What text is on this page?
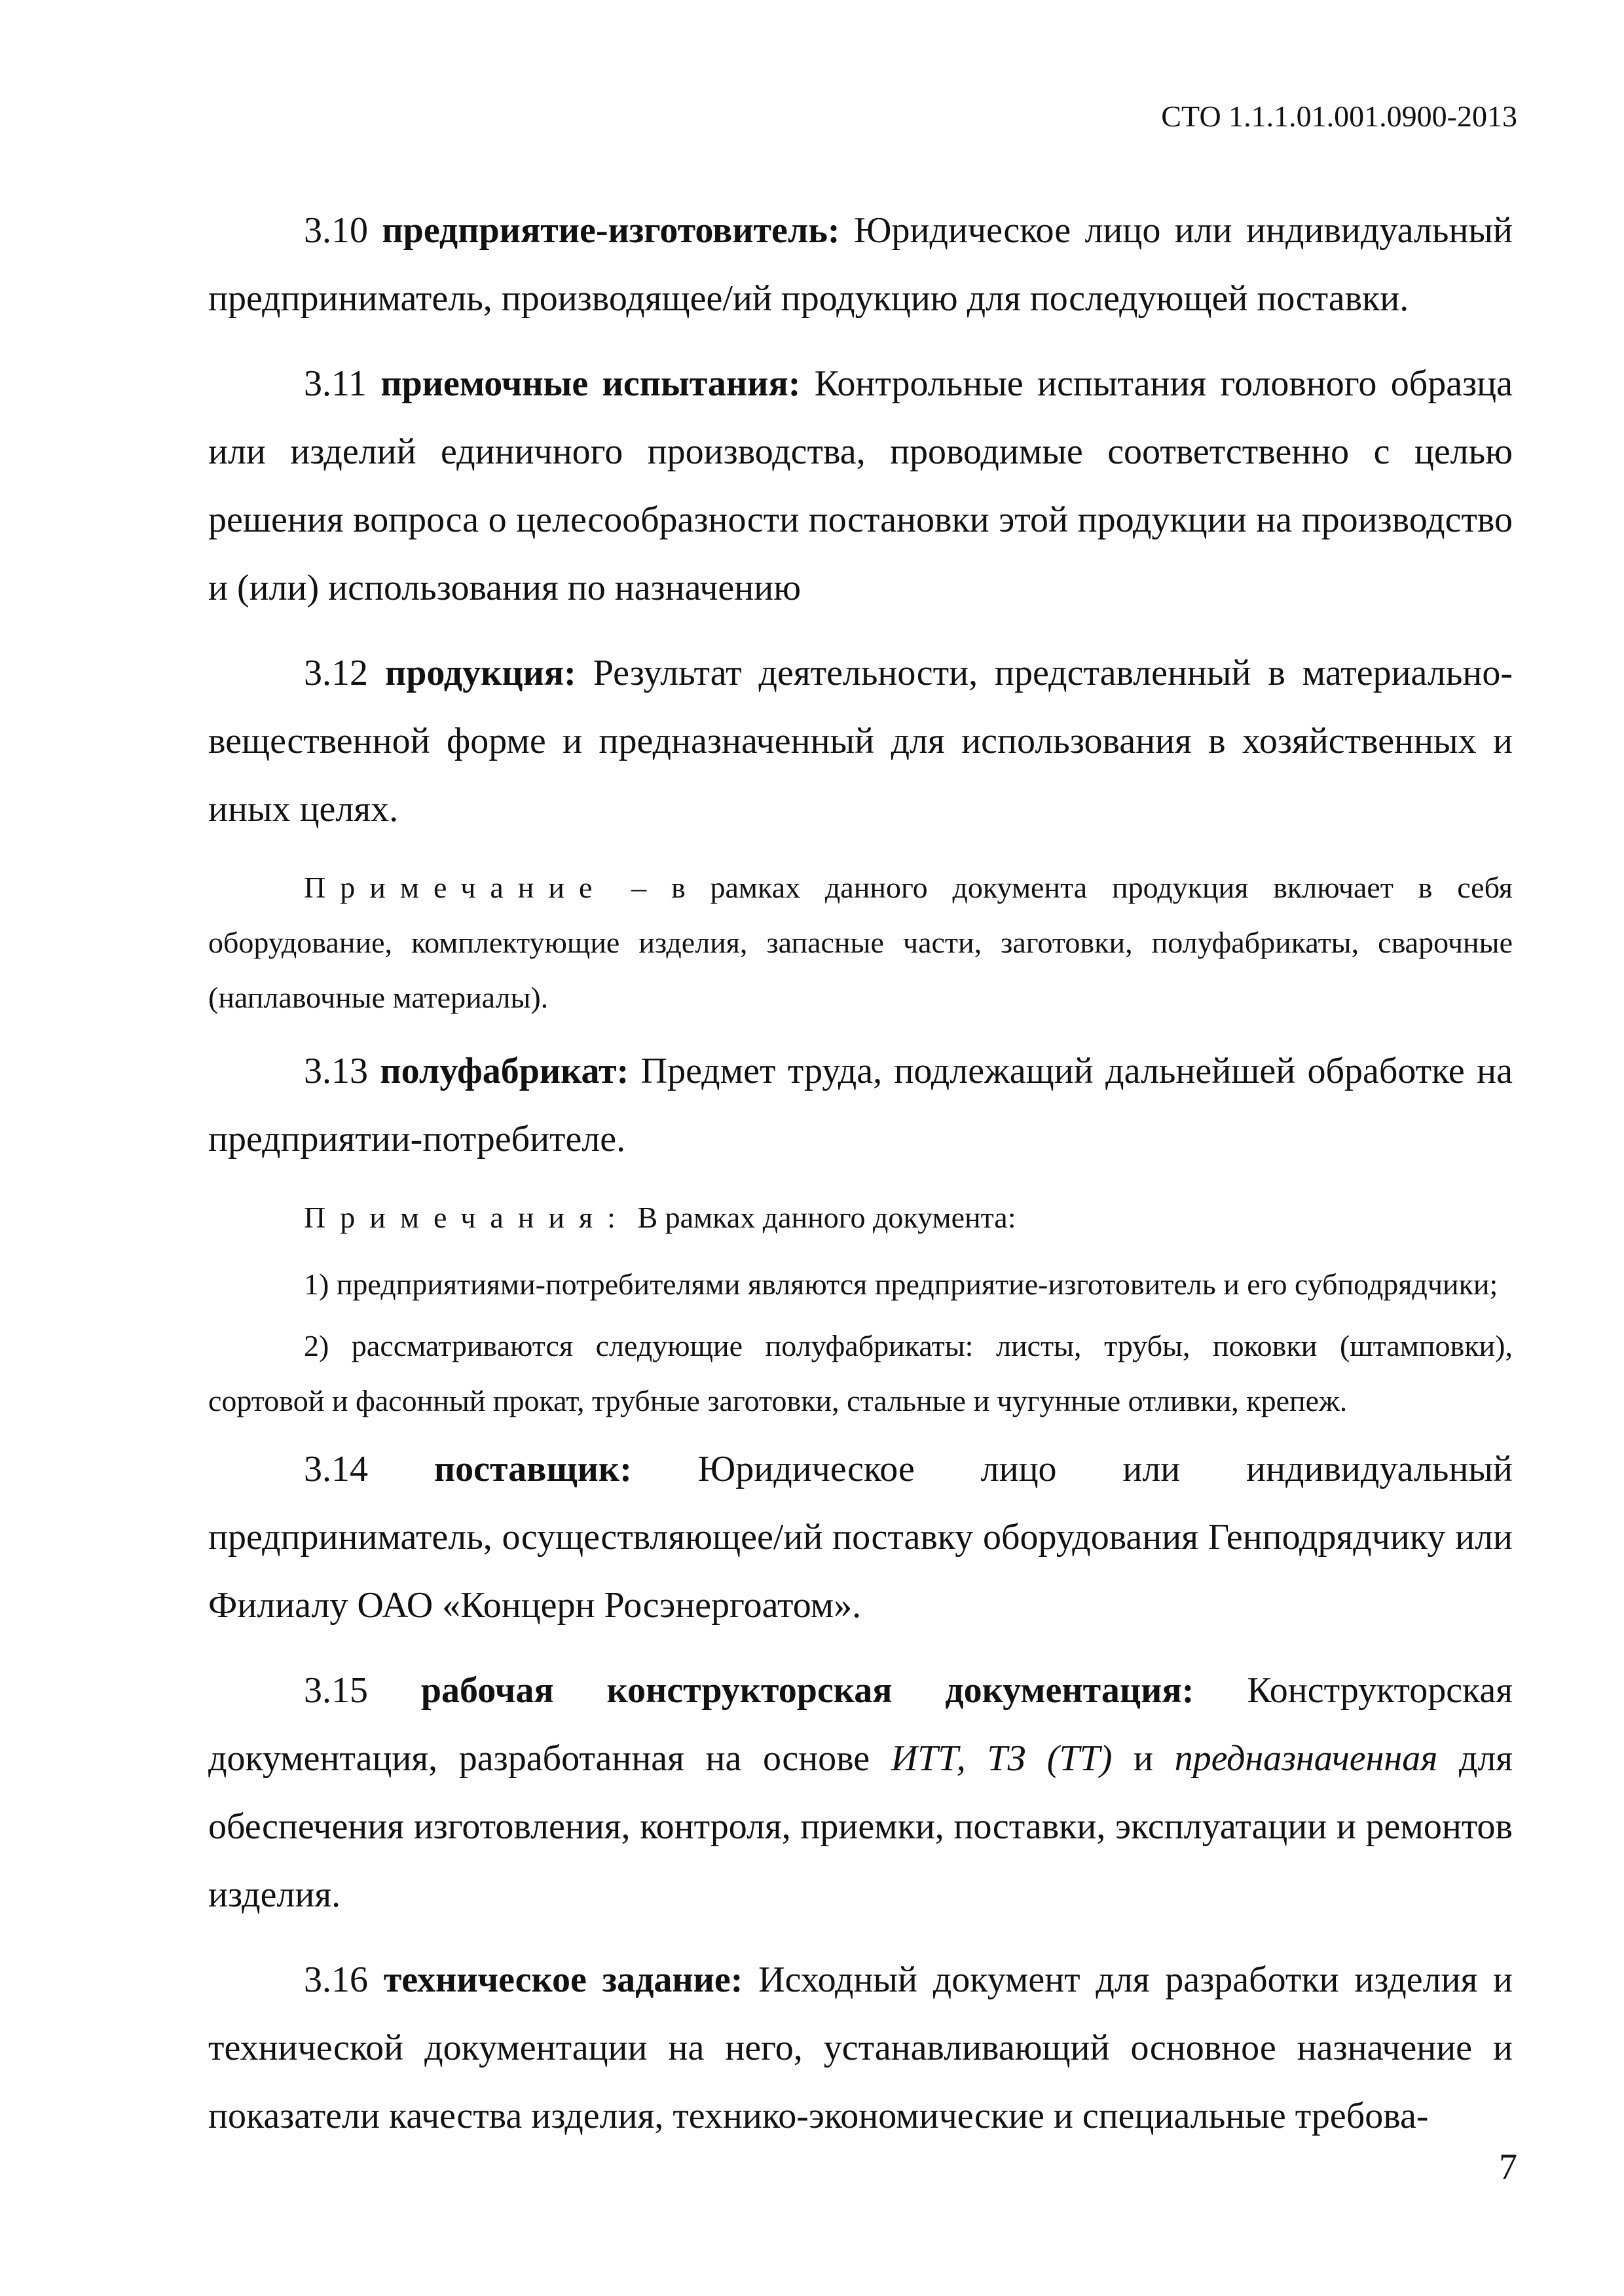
СТО 1.1.1.01.001.0900-2013

3.10 предприятие-изготовитель: Юридическое лицо или индивидуальный предприниматель, производящее/ий продукцию для последующей поставки.

3.11 приемочные испытания: Контрольные испытания головного образца или изделий единичного производства, проводимые соответственно с целью решения вопроса о целесообразности постановки этой продукции на производство и (или) использования по назначению

3.12 продукция: Результат деятельности, представленный в материально-вещественной форме и предназначенный для использования в хозяйственных и иных целях.

Примечание – в рамках данного документа продукция включает в себя оборудование, комплектующие изделия, запасные части, заготовки, полуфабрикаты, сварочные (наплавочные материалы).

3.13 полуфабрикат: Предмет труда, подлежащий дальнейшей обработке на предприятии-потребителе.

Примечания: В рамках данного документа:

1) предприятиями-потребителями являются предприятие-изготовитель и его субподрядчики;

2) рассматриваются следующие полуфабрикаты: листы, трубы, поковки (штамповки), сортовой и фасонный прокат, трубные заготовки, стальные и чугунные отливки, крепеж.

3.14 поставщик: Юридическое лицо или индивидуальный предприниматель, осуществляющее/ий поставку оборудования Генподрядчику или Филиалу ОАО «Концерн Росэнергоатом».

3.15 рабочая конструкторская документация: Конструкторская документация, разработанная на основе ИТТ, ТЗ (ТТ) и предназначенная для обеспечения изготовления, контроля, приемки, поставки, эксплуатации и ремонтов изделия.

3.16 техническое задание: Исходный документ для разработки изделия и технической документации на него, устанавливающий основное назначение и показатели качества изделия, технико-экономические и специальные требова-

7
